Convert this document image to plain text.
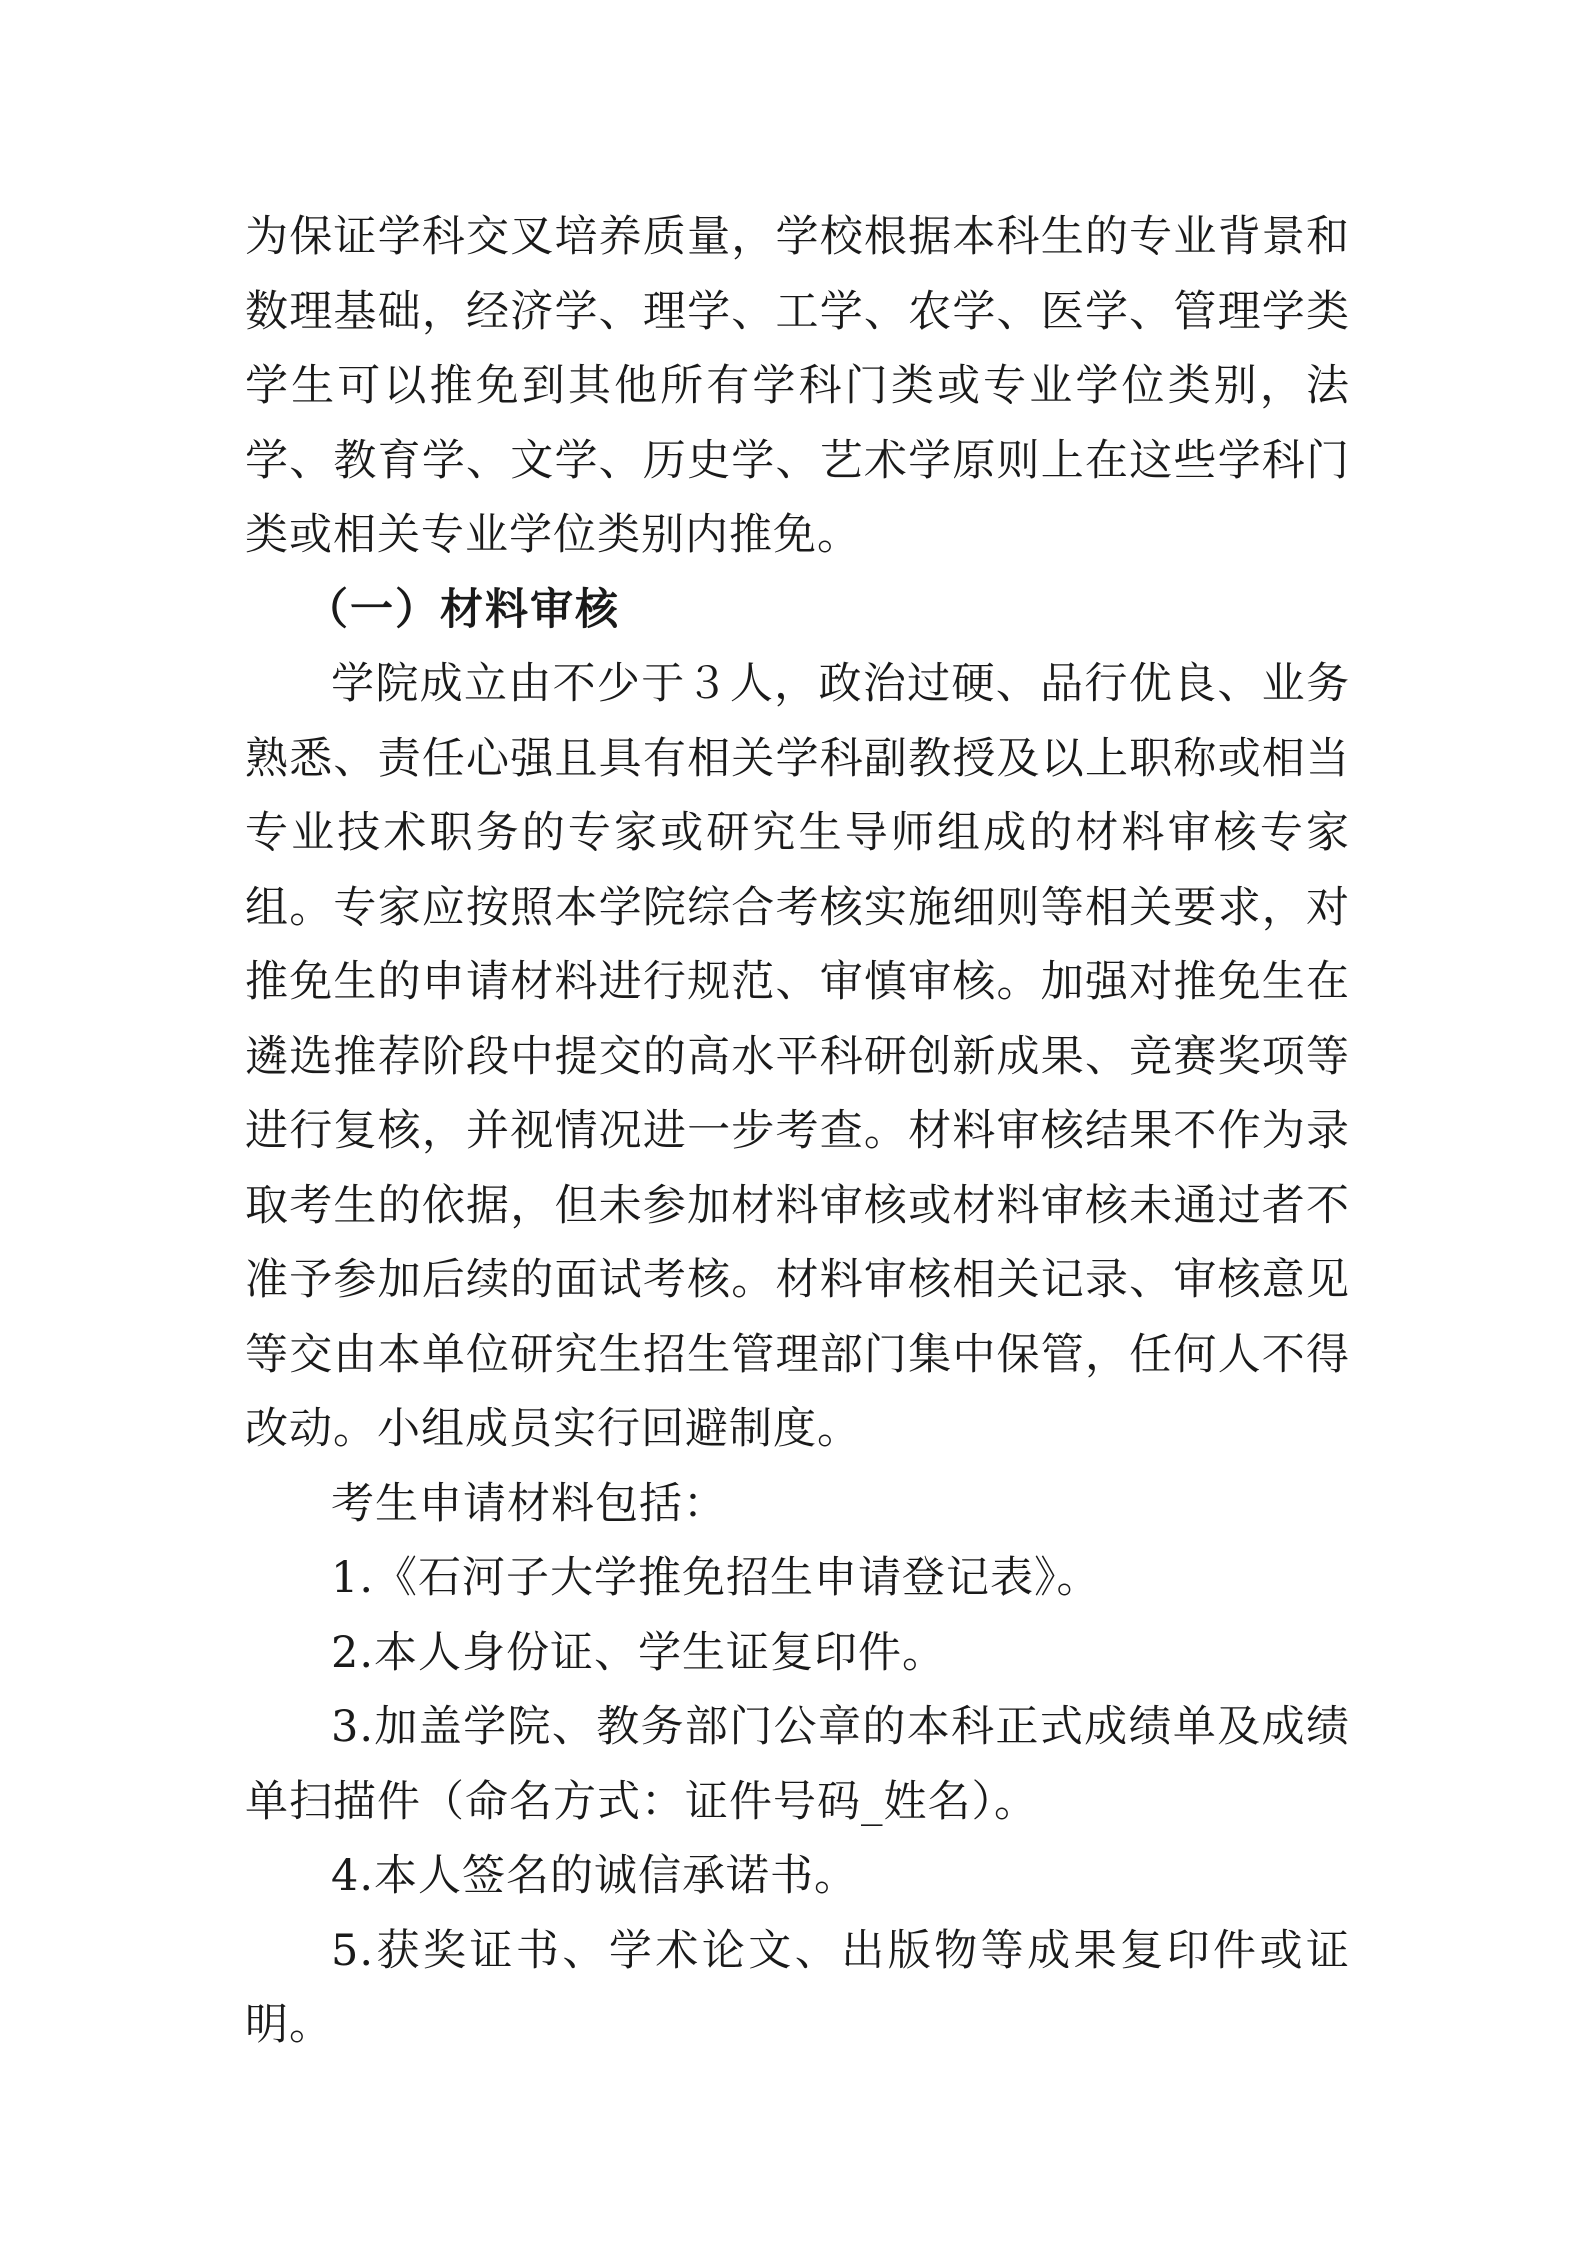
为保证学科交叉培养质量，学校根据本科生的专业背景和数理基础，经济学、理学、工学、农学、医学、管理学类学生可以推免到其他所有学科门类或专业学位类别，法学、教育学、文学、历史学、艺术学原则上在这些学科门类或相关专业学位类别内推免。

（一）材料审核

学院成立由不少于３人，政治过硬、品行优良、业务熟悉、责任心强且具有相关学科副教授及以上职称或相当专业技术职务的专家或研究生导师组成的材料审核专家组。专家应按照本学院综合考核实施细则等相关要求，对推免生的申请材料进行规范、审慎审核。加强对推免生在遴选推荐阶段中提交的高水平科研创新成果、竞赛奖项等进行复核，并视情况进一步考查。材料审核结果不作为录取考生的依据，但未参加材料审核或材料审核未通过者不准予参加后续的面试考核。材料审核相关记录、审核意见等交由本单位研究生招生管理部门集中保管，任何人不得改动。小组成员实行回避制度。

考生申请材料包括：

1.《石河子大学推免招生申请登记表》。

2.本人身份证、学生证复印件。

3.加盖学院、教务部门公章的本科正式成绩单及成绩单扫描件（命名方式：证件号码_姓名）。

4.本人签名的诚信承诺书。

5.获奖证书、学术论文、出版物等成果复印件或证明。
